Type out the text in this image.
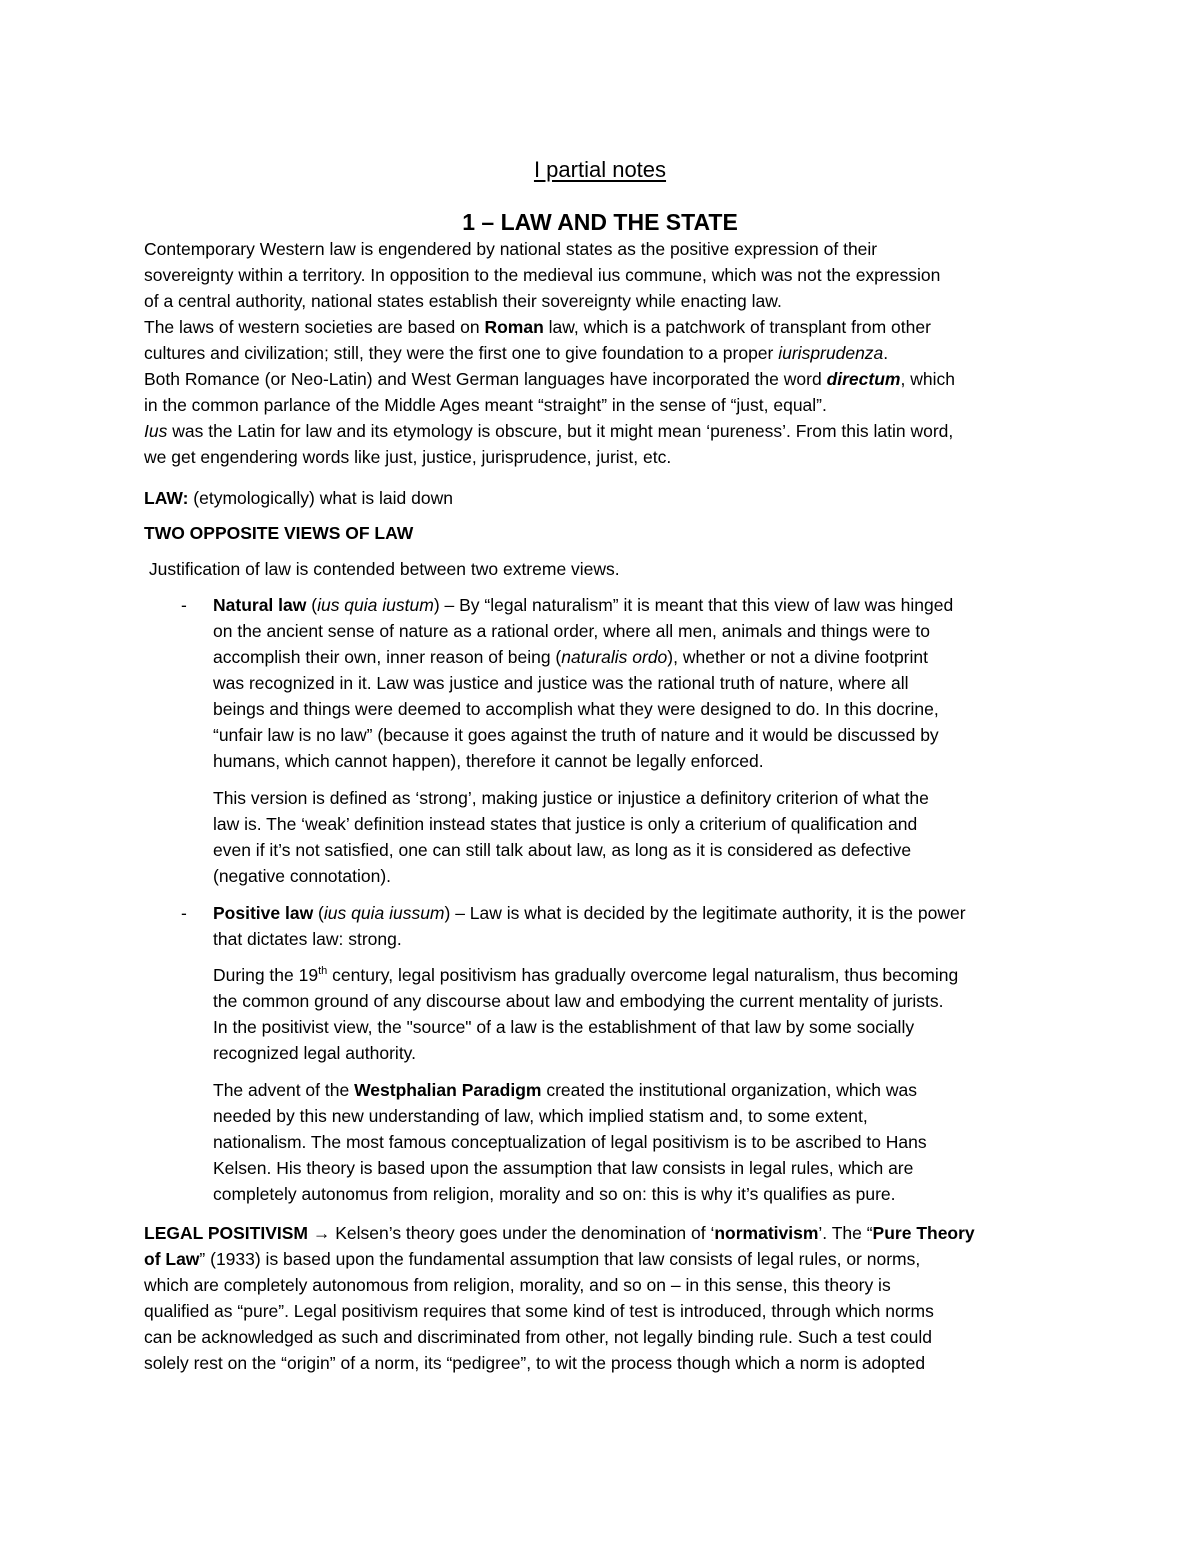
I partial notes
1 – LAW AND THE STATE
Contemporary Western law is engendered by national states as the positive expression of their
sovereignty within a territory. In opposition to the medieval ius commune, which was not the expression
of a central authority, national states establish their sovereignty while enacting law.
The laws of western societies are based on Roman law, which is a patchwork of transplant from other
cultures and civilization; still, they were the first one to give foundation to a proper iurisprudenza.
Both Romance (or Neo-Latin) and West German languages have incorporated the word directum, which
in the common parlance of the Middle Ages meant “straight” in the sense of “just, equal”.
Ius was the Latin for law and its etymology is obscure, but it might mean ‘pureness’. From this latin word,
we get engendering words like just, justice, jurisprudence, jurist, etc.
LAW: (etymologically) what is laid down
TWO OPPOSITE VIEWS OF LAW
Justification of law is contended between two extreme views.
- Natural law (ius quia iustum) – By “legal naturalism” it is meant that this view of law was hinged
on the ancient sense of nature as a rational order, where all men, animals and things were to
accomplish their own, inner reason of being (naturalis ordo), whether or not a divine footprint
was recognized in it. Law was justice and justice was the rational truth of nature, where all
beings and things were deemed to accomplish what they were designed to do. In this docrine,
“unfair law is no law” (because it goes against the truth of nature and it would be discussed by
humans, which cannot happen), therefore it cannot be legally enforced.
This version is defined as ‘strong’, making justice or injustice a definitory criterion of what the
law is. The ‘weak’ definition instead states that justice is only a criterium of qualification and
even if it’s not satisfied, one can still talk about law, as long as it is considered as defective
(negative connotation).
- Positive law (ius quia iussum) – Law is what is decided by the legitimate authority, it is the power
that dictates law: strong.
During the 19th century, legal positivism has gradually overcome legal naturalism, thus becoming
the common ground of any discourse about law and embodying the current mentality of jurists.
In the positivist view, the "source" of a law is the establishment of that law by some socially
recognized legal authority.
The advent of the Westphalian Paradigm created the institutional organization, which was
needed by this new understanding of law, which implied statism and, to some extent,
nationalism. The most famous conceptualization of legal positivism is to be ascribed to Hans
Kelsen. His theory is based upon the assumption that law consists in legal rules, which are
completely autonomus from religion, morality and so on: this is why it’s qualifies as pure.
LEGAL POSITIVISM → Kelsen’s theory goes under the denomination of ‘normativism’. The “Pure Theory
of Law” (1933) is based upon the fundamental assumption that law consists of legal rules, or norms,
which are completely autonomous from religion, morality, and so on – in this sense, this theory is
qualified as “pure”. Legal positivism requires that some kind of test is introduced, through which norms
can be acknowledged as such and discriminated from other, not legally binding rule. Such a test could
solely rest on the “origin” of a norm, its “pedigree”, to wit the process though which a norm is adopted
